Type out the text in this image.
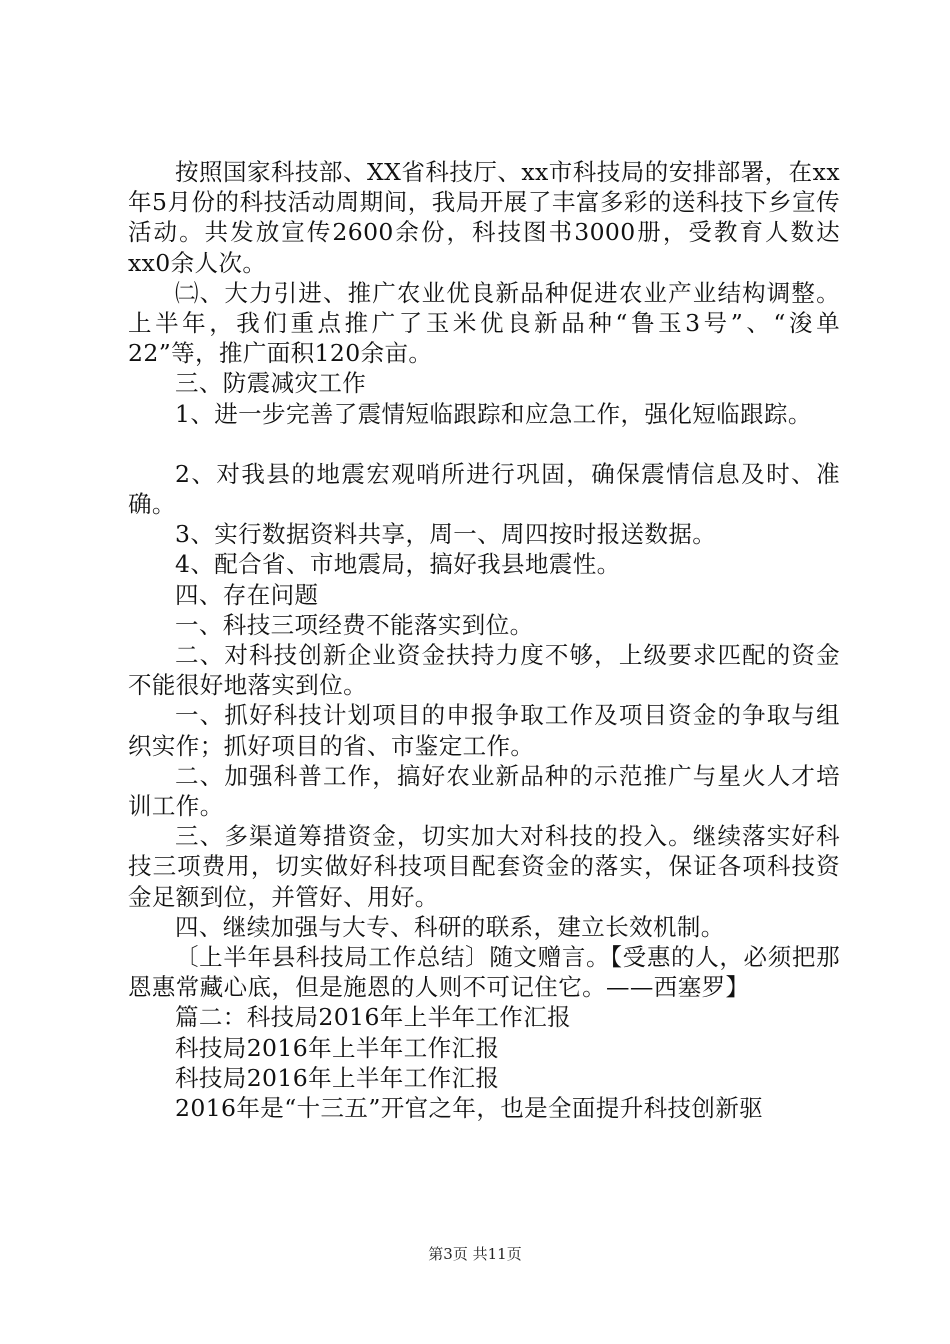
按照国家科技部、XX省科技厅、xx市科技局的安排部署，在xx年5月份的科技活动周期间，我局开展了丰富多彩的送科技下乡宣传活动。共发放宣传2600余份，科技图书3000册，受教育人数达xx0余人次。

㈡、大力引进、推广农业优良新品种促进农业产业结构调整。上半年，我们重点推广了玉米优良新品种“鲁玉3号”、“浚单22”等，推广面积120余亩。

三、防震减灾工作

1、进一步完善了震情短临跟踪和应急工作，强化短临跟踪。

2、对我县的地震宏观哨所进行巩固，确保震情信息及时、准确。

3、实行数据资料共享，周一、周四按时报送数据。

4、配合省、市地震局，搞好我县地震性。

四、存在问题

一、科技三项经费不能落实到位。

二、对科技创新企业资金扶持力度不够，上级要求匹配的资金不能很好地落实到位。

一、抓好科技计划项目的申报争取工作及项目资金的争取与组织实作；抓好项目的省、市鉴定工作。

二、加强科普工作，搞好农业新品种的示范推广与星火人才培训工作。

三、多渠道筹措资金，切实加大对科技的投入。继续落实好科技三项费用，切实做好科技项目配套资金的落实，保证各项科技资金足额到位，并管好、用好。

四、继续加强与大专、科研的联系，建立长效机制。

〔上半年县科技局工作总结〕随文赠言。【受惠的人，必须把那恩惠常藏心底，但是施恩的人则不可记住它。——西塞罗】

篇二：科技局2016年上半年工作汇报

科技局2016年上半年工作汇报

科技局2016年上半年工作汇报

2016年是“十三五”开官之年，也是全面提升科技创新驱

第3页 共11页
